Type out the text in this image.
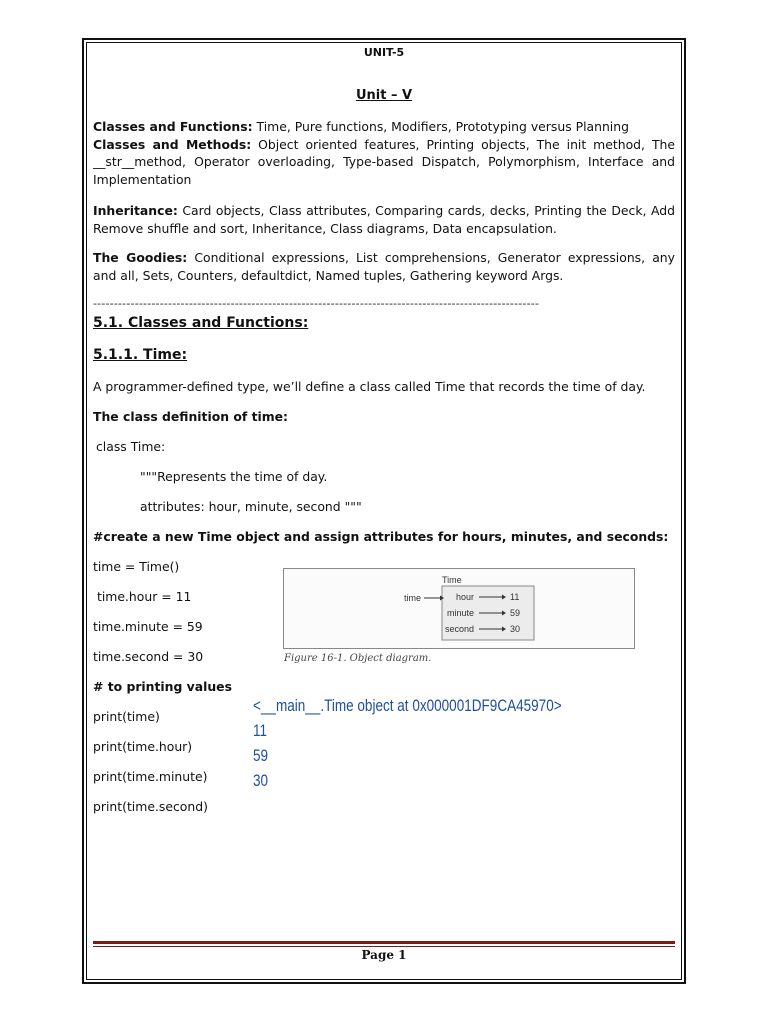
UNIT-5
Unit – V
Classes and Functions: Time, Pure functions, Modifiers, Prototyping versus Planning
Classes and Methods: Object oriented features, Printing objects, The init method, The __str__method, Operator overloading, Type-based Dispatch, Polymorphism, Interface and Implementation
Inheritance: Card objects, Class attributes, Comparing cards, decks, Printing the Deck, Add Remove shuffle and sort, Inheritance, Class diagrams, Data encapsulation.
The Goodies: Conditional expressions, List comprehensions, Generator expressions, any and all, Sets, Counters, defaultdict, Named tuples, Gathering keyword Args.
-----------------------------------------------------------------------------------------------------------
5.1. Classes and Functions:
5.1.1. Time:
A programmer-defined type, we’ll define a class called Time that records the time of day.
The class definition of time:
class Time:
"""Represents the time of day.
attributes: hour, minute, second """
#create a new Time object and assign attributes for hours, minutes, and seconds:
time = Time()
time.hour = 11
time.minute = 59
time.second = 30
Time
time	hour	11
minute	59
second	30
Figure 16-1. Object diagram.
# to printing values
print(time)
print(time.hour)
print(time.minute)
print(time.second)
<__main__.Time object at 0x000001DF9CA45970>
11
59
30
Page 1
